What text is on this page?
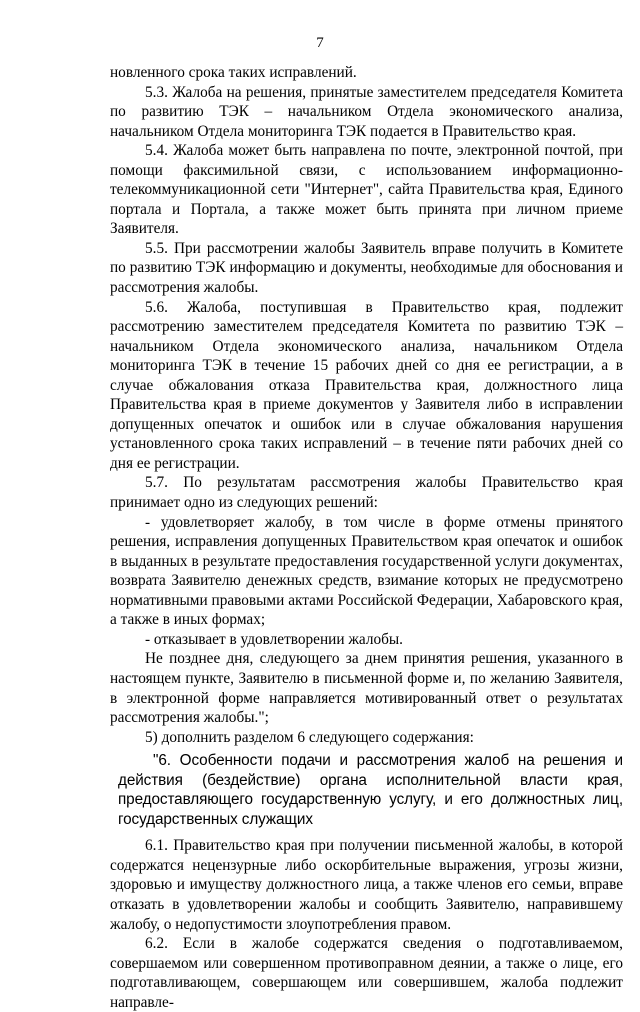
7

новленного срока таких исправлений.

5.3. Жалоба на решения, принятые заместителем председателя Комитета по развитию ТЭК – начальником Отдела экономического анализа, начальником Отдела мониторинга ТЭК подается в Правительство края.

5.4. Жалоба может быть направлена по почте, электронной почтой, при помощи факсимильной связи, с использованием информационно-телекоммуникационной сети "Интернет", сайта Правительства края, Единого портала и Портала, а также может быть принята при личном приеме Заявителя.

5.5. При рассмотрении жалобы Заявитель вправе получить в Комитете по развитию ТЭК информацию и документы, необходимые для обоснования и рассмотрения жалобы.

5.6. Жалоба, поступившая в Правительство края, подлежит рассмотрению заместителем председателя Комитета по развитию ТЭК – начальником Отдела экономического анализа, начальником Отдела мониторинга ТЭК в течение 15 рабочих дней со дня ее регистрации, а в случае обжалования отказа Правительства края, должностного лица Правительства края в приеме документов у Заявителя либо в исправлении допущенных опечаток и ошибок или в случае обжалования нарушения установленного срока таких исправлений – в течение пяти рабочих дней со дня ее регистрации.

5.7. По результатам рассмотрения жалобы Правительство края принимает одно из следующих решений:

- удовлетворяет жалобу, в том числе в форме отмены принятого решения, исправления допущенных Правительством края опечаток и ошибок в выданных в результате предоставления государственной услуги документах, возврата Заявителю денежных средств, взимание которых не предусмотрено нормативными правовыми актами Российской Федерации, Хабаровского края, а также в иных формах;

- отказывает в удовлетворении жалобы.

Не позднее дня, следующего за днем принятия решения, указанного в настоящем пункте, Заявителю в письменной форме и, по желанию Заявителя, в электронной форме направляется мотивированный ответ о результатах рассмотрения жалобы.";

5) дополнить разделом 6 следующего содержания:

"6. Особенности подачи и рассмотрения жалоб на решения и действия (бездействие) органа исполнительной власти края, предоставляющего государственную услугу, и его должностных лиц, государственных служащих

6.1. Правительство края при получении письменной жалобы, в которой содержатся нецензурные либо оскорбительные выражения, угрозы жизни, здоровью и имуществу должностного лица, а также членов его семьи, вправе отказать в удовлетворении жалобы и сообщить Заявителю, направившему жалобу, о недопустимости злоупотребления правом.

6.2. Если в жалобе содержатся сведения о подготавливаемом, совершаемом или совершенном противоправном деянии, а также о лице, его подготавливающем, совершающем или совершившем, жалоба подлежит направле-
